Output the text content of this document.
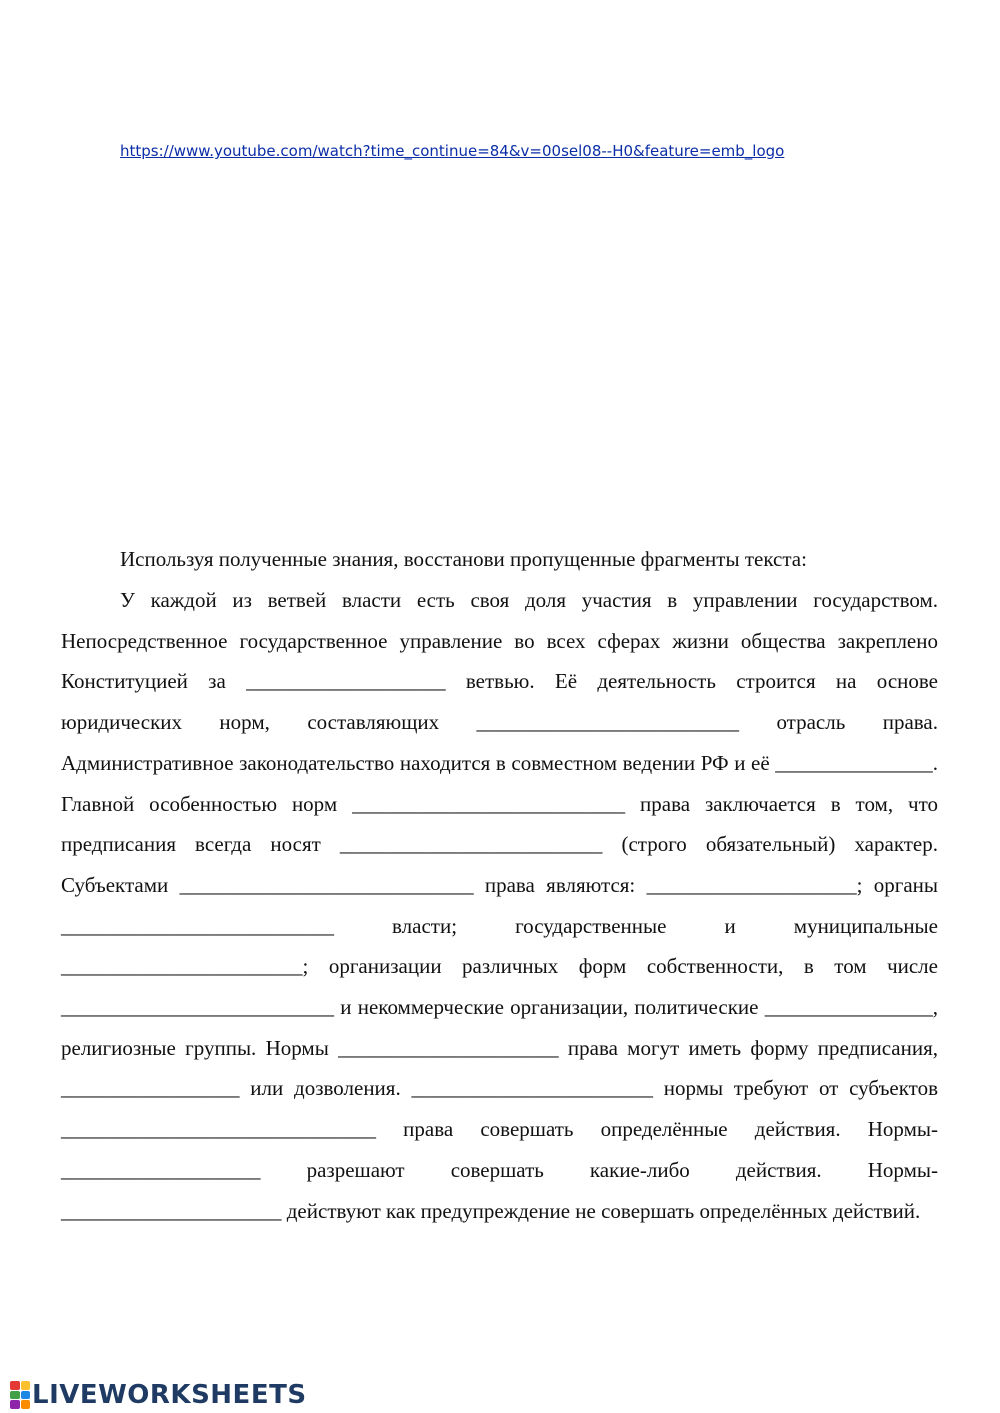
https://www.youtube.com/watch?time_continue=84&v=00sel08--H0&feature=emb_logo
Используя полученные знания, восстанови пропущенные фрагменты текста:
У каждой из ветвей власти есть своя доля участия в управлении государством. Непосредственное государственное управление во всех сферах жизни общества закреплено Конституцией за ___________________ ветвью. Её деятельность строится на основе юридических норм, составляющих _________________________ отрасль права. Административное законодательство находится в совместном ведении РФ и её _______________. Главной особенностью норм __________________________ права заключается в том, что предписания всегда носят _________________________ (строго обязательный) характер. Субъектами ____________________________ права являются: ____________________; органы __________________________ власти; государственные и муниципальные _______________________; организации различных форм собственности, в том числе __________________________ и некоммерческие организации, политические ________________, религиозные группы. Нормы _____________________ права могут иметь форму предписания, _________________ или дозволения. _______________________ нормы требуют от субъектов ______________________________ права совершать определённые действия. Нормы-___________________ разрешают совершать какие-либо действия. Нормы-_____________________ действуют как предупреждение не совершать определённых действий.
LIVEWORKSHEETS
